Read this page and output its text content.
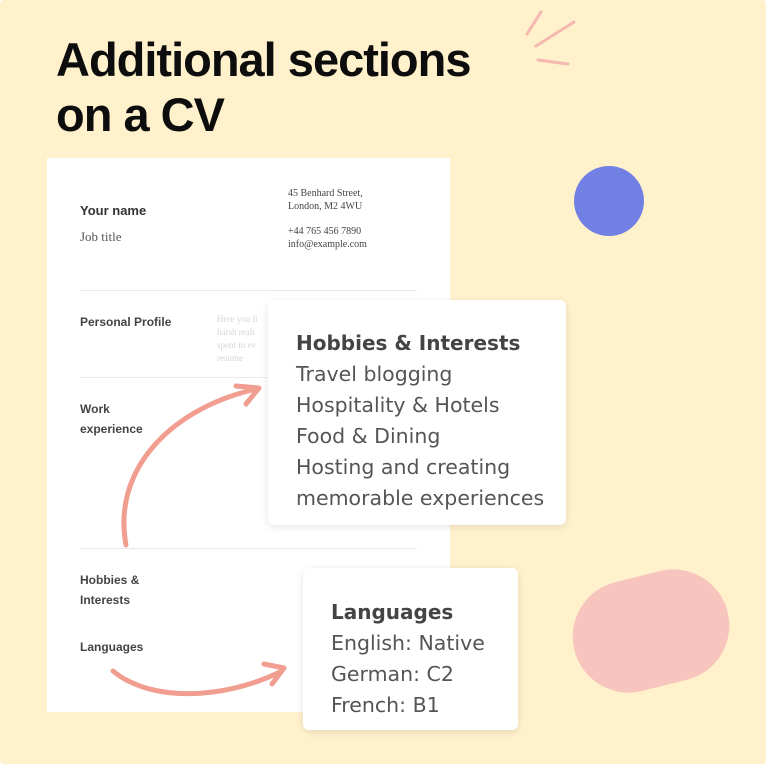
Additional sections
on a CV
Your name
Job title
45 Benhard Street,
London, M2 4WU
+44 765 456 7890
info@example.com
Personal Profile	Here you li
harsh reali
spent in ev
resume
Work
experience
Hobbies &
Interests
Languages
Hobbies & Interests
Travel blogging
Hospitality & Hotels
Food & Dining
Hosting and creating
memorable experiences
Languages
English: Native
German: C2
French: B1
